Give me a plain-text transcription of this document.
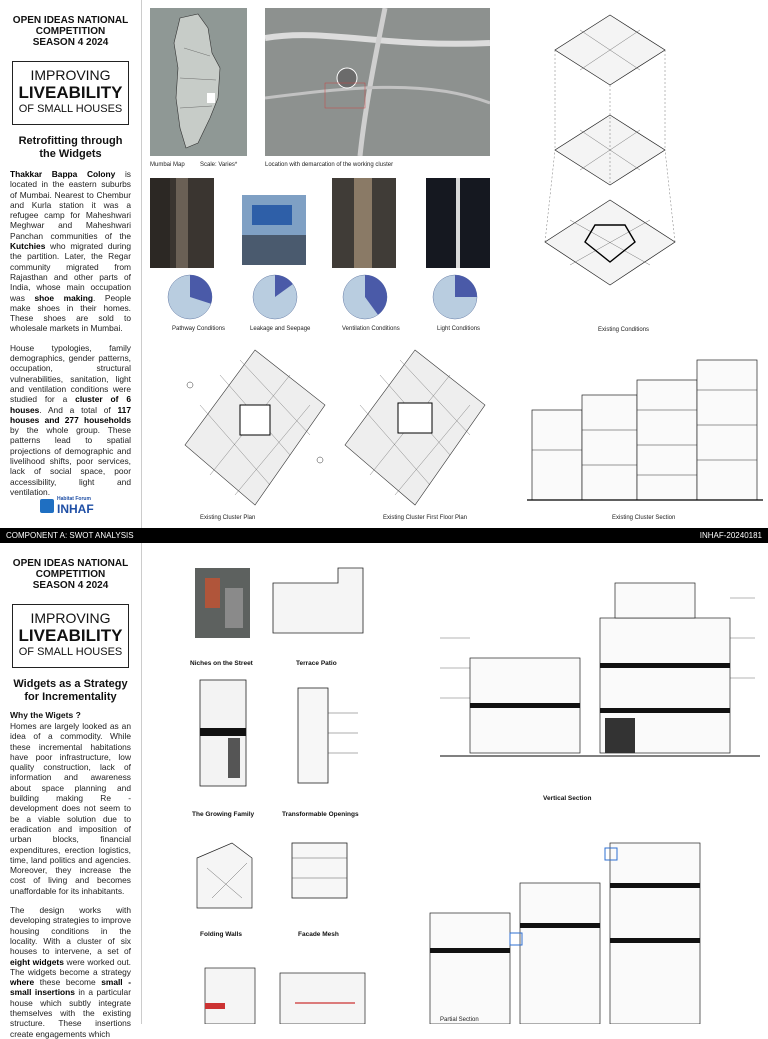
OPEN IDEAS NATIONAL
COMPETITION
SEASON 4 2024
IMPROVING
LIVEABILITY
OF SMALL HOUSES
Retrofitting through the Widgets
Thakkar Bappa Colony is located in the eastern suburbs of Mumbai. Nearest to Chembur and Kurla station it was a refugee camp for Maheshwari Meghwar and Maheshwari Panchan communities of the Kutchies who migrated during the partition. Later, the Regar community migrated from Rajasthan and other parts of India, whose main occupation was shoe making. People make shoes in their homes. These shoes are sold to wholesale markets in Mumbai.
House typologies, family demographics, gender patterns, occupation, structural vulnerabilities, sanitation, light and ventilation conditions were studied for a cluster of 6 houses. And a total of 117 houses and 277 households by the whole group. These patterns lead to spatial projections of demographic and livelihood shifts, poor services, lack of social space, poor accessibility, light and ventilation.
Habitat Forum
INHAF
Mumbai Map	Scale: Varies*	Location with demarcation of the working cluster
Existing Conditions
Pathway Conditions	Leakage and Seepage	Ventilation Conditions	Light Conditions
Existing Cluster Plan	Existing Cluster First Floor Plan	Existing Cluster Section
COMPONENT A: SWOT ANALYSIS	INHAF-20240181
OPEN IDEAS NATIONAL
COMPETITION
SEASON 4 2024
IMPROVING
LIVEABILITY
OF SMALL HOUSES
Widgets as a Strategy for Incrementality
Why the Wigets ?
Homes are largely looked as an idea of a commodity. While these incremental habitations have poor infrastructure, low quality construction, lack of information and awareness about space planning and building making Re - development does not seem to be a viable solution due to eradication and imposition of urban blocks, financial expenditures, erection logistics, time, land politics and agencies. Moreover, they increase the cost of living and becomes unaffordable for its inhabitants.
The design works with developing strategies to improve housing conditions in the locality. With a cluster of six houses to intervene, a set of eight widgets were worked out. The widgets become a strategy where these become small - small insertions in a particular house which subtly integrate themselves with the existing structure. These insertions create engagements which
Niches on the Street	Terrace Patio
The Growing Family	Transformable Openings
Folding Walls	Facade Mesh
Vertical Section
Partial Section
